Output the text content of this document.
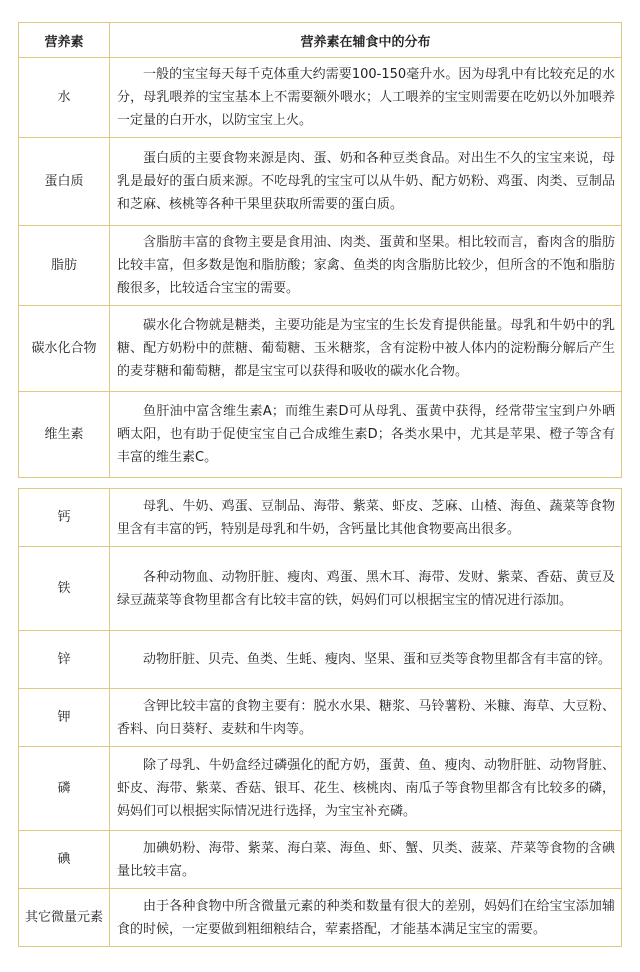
营养素	营养素在辅食中的分布
水	一般的宝宝每天每千克体重大约需要100-150毫升水。因为母乳中有比较充足的水分，母乳喂养的宝宝基本上不需要额外喂水；人工喂养的宝宝则需要在吃奶以外加喂养一定量的白开水，以防宝宝上火。
蛋白质	蛋白质的主要食物来源是肉、蛋、奶和各种豆类食品。对出生不久的宝宝来说，母乳是最好的蛋白质来源。不吃母乳的宝宝可以从牛奶、配方奶粉、鸡蛋、肉类、豆制品和芝麻、核桃等各种干果里获取所需要的蛋白质。
脂肪	含脂肪丰富的食物主要是食用油、肉类、蛋黄和坚果。相比较而言，畜肉含的脂肪比较丰富，但多数是饱和脂肪酸；家禽、鱼类的肉含脂肪比较少，但所含的不饱和脂肪酸很多，比较适合宝宝的需要。
碳水化合物	碳水化合物就是糖类，主要功能是为宝宝的生长发育提供能量。母乳和牛奶中的乳糖、配方奶粉中的蔗糖、葡萄糖、玉米糖浆，含有淀粉中被人体内的淀粉酶分解后产生的麦芽糖和葡萄糖，都是宝宝可以获得和吸收的碳水化合物。
维生素	鱼肝油中富含维生素A；而维生素D可从母乳、蛋黄中获得，经常带宝宝到户外晒晒太阳，也有助于促使宝宝自己合成维生素D；各类水果中，尤其是苹果、橙子等含有丰富的维生素C。

钙	母乳、牛奶、鸡蛋、豆制品、海带、紫菜、虾皮、芝麻、山楂、海鱼、蔬菜等食物里含有丰富的钙，特别是母乳和牛奶，含钙量比其他食物要高出很多。
铁	各种动物血、动物肝脏、瘦肉、鸡蛋、黑木耳、海带、发财、紫菜、香菇、黄豆及绿豆蔬菜等食物里都含有比较丰富的铁，妈妈们可以根据宝宝的情况进行添加。
锌	动物肝脏、贝壳、鱼类、生蚝、瘦肉、坚果、蛋和豆类等食物里都含有丰富的锌。
钾	含钾比较丰富的食物主要有：脱水水果、糖浆、马铃薯粉、米糠、海草、大豆粉、香料、向日葵籽、麦麸和牛肉等。
磷	除了母乳、牛奶盒经过磷强化的配方奶，蛋黄、鱼、瘦肉、动物肝脏、动物肾脏、虾皮、海带、紫菜、香菇、银耳、花生、核桃肉、南瓜子等食物里都含有比较多的磷，妈妈们可以根据实际情况进行选择，为宝宝补充磷。
碘	加碘奶粉、海带、紫菜、海白菜、海鱼、虾、蟹、贝类、菠菜、芹菜等食物的含碘量比较丰富。
其它微量元素	由于各种食物中所含微量元素的种类和数量有很大的差别，妈妈们在给宝宝添加辅食的时候，一定要做到粗细粮结合，荤素搭配，才能基本满足宝宝的需要。
